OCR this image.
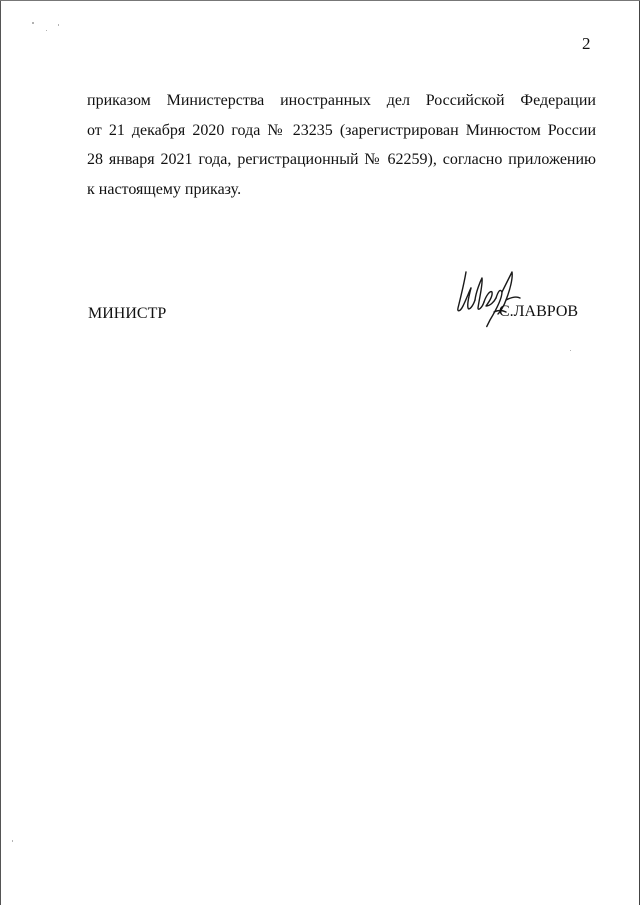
2
приказом Министерства иностранных дел Российской Федерации
от 21 декабря 2020 года № 23235 (зарегистрирован Минюстом России
28 января 2021 года, регистрационный № 62259), согласно приложению
к настоящему приказу.
МИНИСТР	С.ЛАВРОВ
